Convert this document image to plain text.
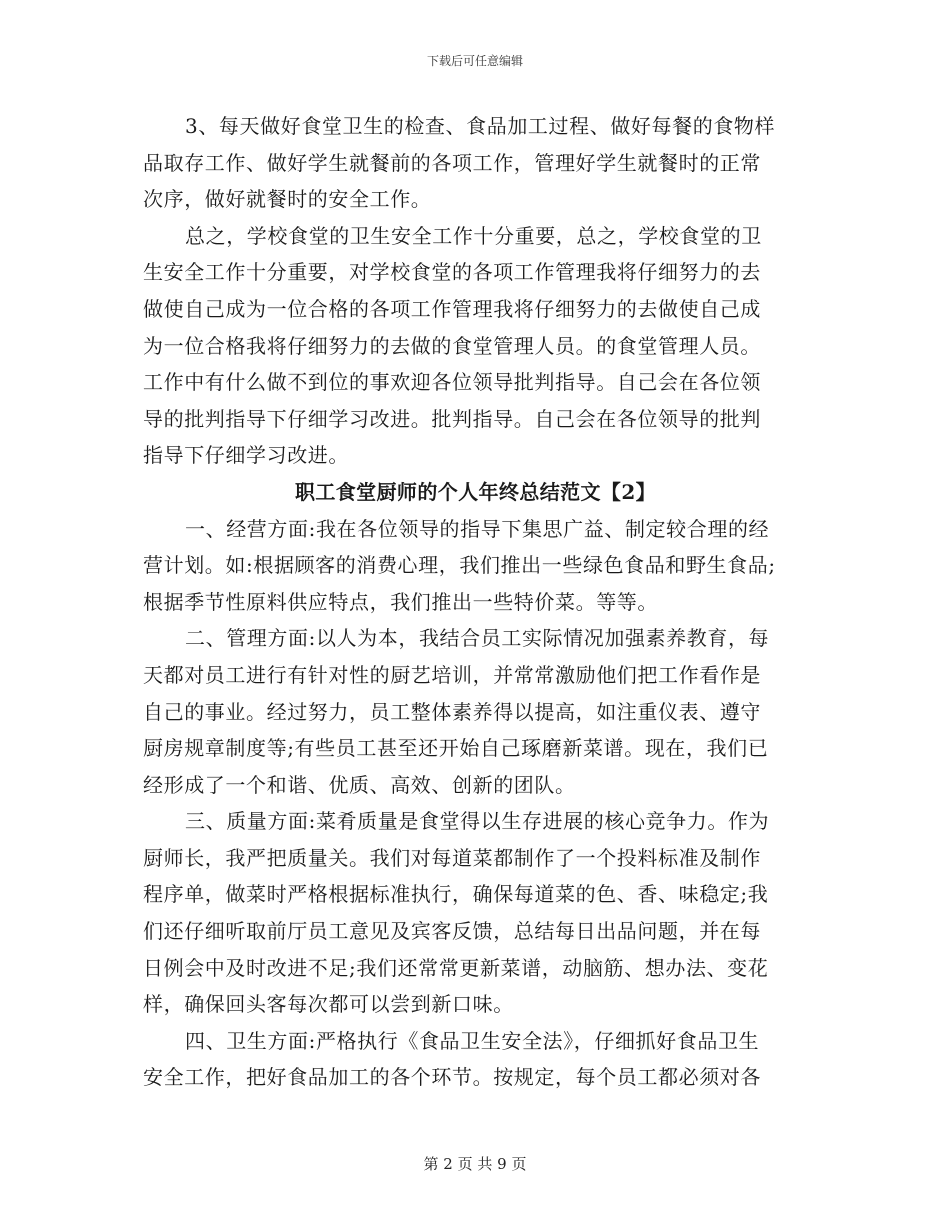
下载后可任意编辑
3、每天做好食堂卫生的检查、食品加工过程、做好每餐的食物样
品取存工作、做好学生就餐前的各项工作，管理好学生就餐时的正常
次序，做好就餐时的安全工作。
总之，学校食堂的卫生安全工作十分重要，总之，学校食堂的卫
生安全工作十分重要，对学校食堂的各项工作管理我将仔细努力的去
做使自己成为一位合格的各项工作管理我将仔细努力的去做使自己成
为一位合格我将仔细努力的去做的食堂管理人员。的食堂管理人员。
工作中有什么做不到位的事欢迎各位领导批判指导。自己会在各位领
导的批判指导下仔细学习改进。批判指导。自己会在各位领导的批判
指导下仔细学习改进。
职工食堂厨师的个人年终总结范文【2】
一、经营方面:我在各位领导的指导下集思广益、制定较合理的经
营计划。如:根据顾客的消费心理，我们推出一些绿色食品和野生食品;
根据季节性原料供应特点，我们推出一些特价菜。等等。
二、管理方面:以人为本，我结合员工实际情况加强素养教育，每
天都对员工进行有针对性的厨艺培训，并常常激励他们把工作看作是
自己的事业。经过努力，员工整体素养得以提高，如注重仪表、遵守
厨房规章制度等;有些员工甚至还开始自己琢磨新菜谱。现在，我们已
经形成了一个和谐、优质、高效、创新的团队。
三、质量方面:菜肴质量是食堂得以生存进展的核心竞争力。作为
厨师长，我严把质量关。我们对每道菜都制作了一个投料标准及制作
程序单，做菜时严格根据标准执行，确保每道菜的色、香、味稳定;我
们还仔细听取前厅员工意见及宾客反馈，总结每日出品问题，并在每
日例会中及时改进不足;我们还常常更新菜谱，动脑筋、想办法、变花
样，确保回头客每次都可以尝到新口味。
四、卫生方面:严格执行《食品卫生安全法》，仔细抓好食品卫生
安全工作，把好食品加工的各个环节。按规定，每个员工都必须对各
第 2 页 共 9 页
